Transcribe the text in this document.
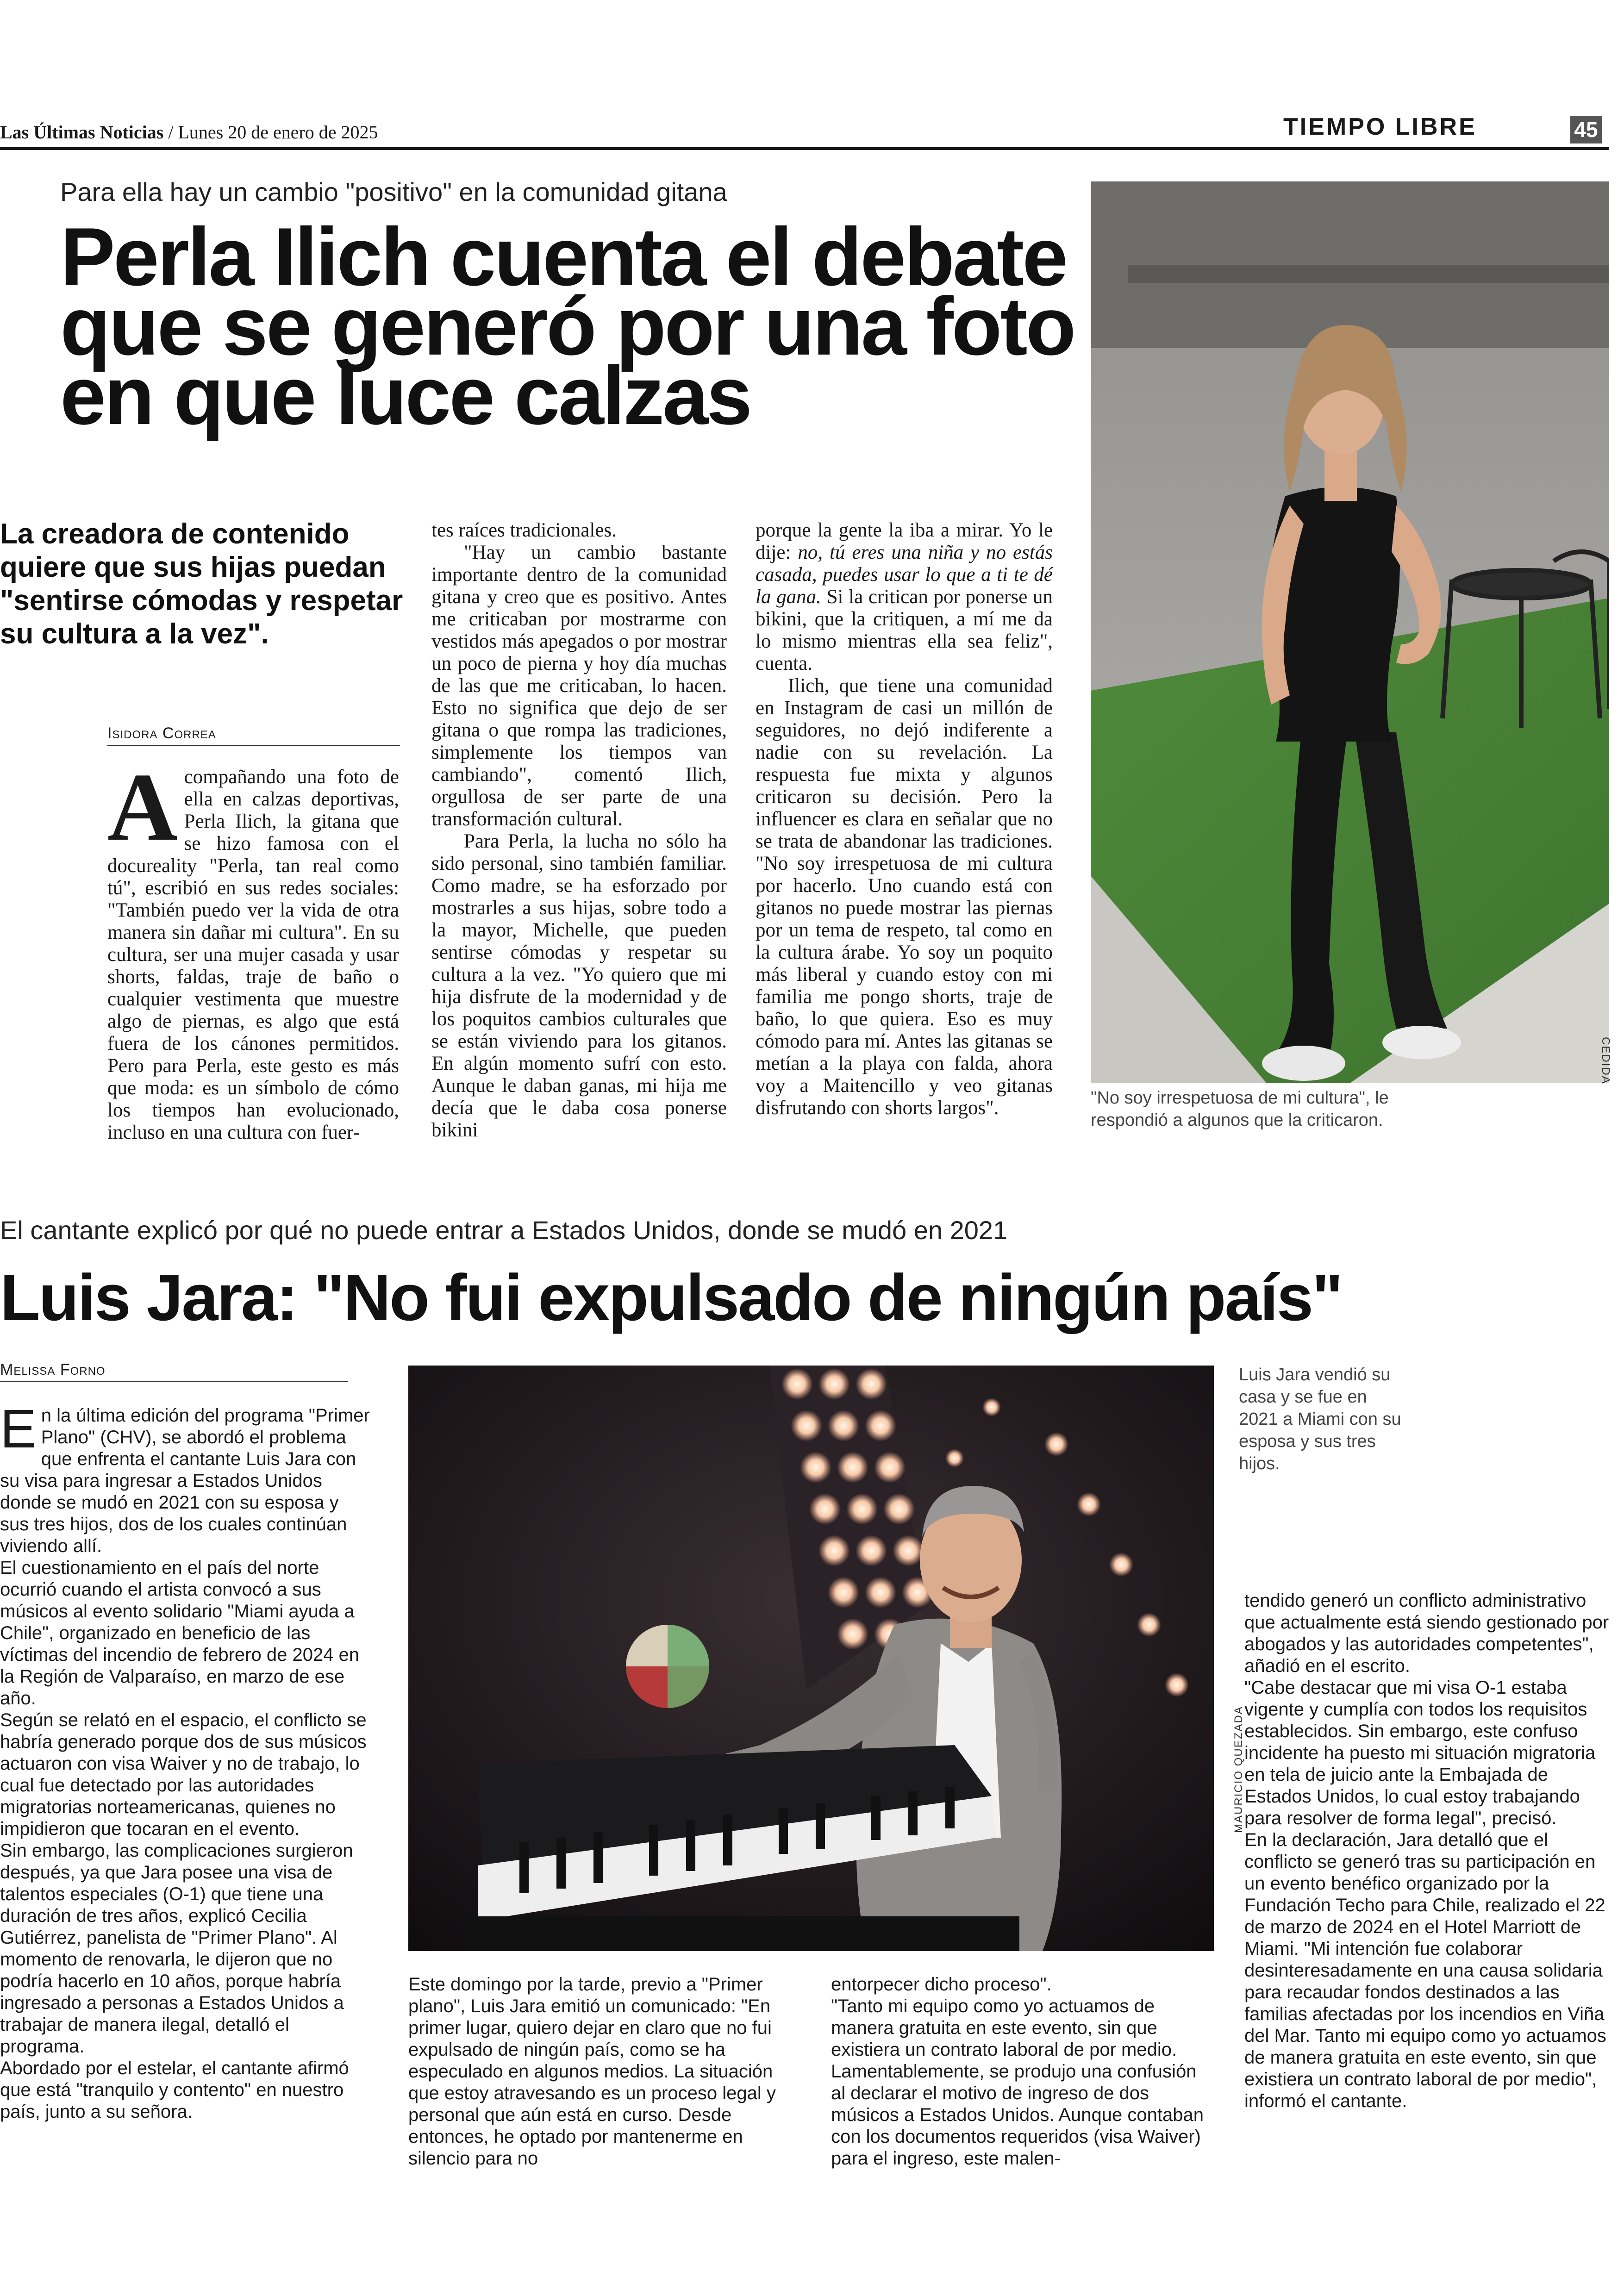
Las Últimas Noticias / Lunes 20 de enero de 2025	TIEMPO LIBRE	45
Para ella hay un cambio "positivo" en la comunidad gitana
Perla Ilich cuenta el debate
que se generó por una foto
en que luce calzas
La creadora de contenido quiere que sus hijas puedan "sentirse cómodas y respetar su cultura a la vez".
Isidora Correa
A compañando una foto de ella en calzas deportivas, Perla Ilich, la gitana que se hizo famosa con el docureality "Perla, tan real como tú", escribió en sus redes sociales: "También puedo ver la vida de otra manera sin dañar mi cultura". En su cultura, ser una mujer casada y usar shorts, faldas, traje de baño o cualquier vestimenta que muestre algo de piernas, es algo que está fuera de los cánones permitidos. Pero para Perla, este gesto es más que moda: es un símbolo de cómo los tiempos han evolucionado, incluso en una cultura con fuer-

tes raíces tradicionales.

"Hay un cambio bastante importante dentro de la comunidad gitana y creo que es positivo. Antes me criticaban por mostrarme con vestidos más apegados o por mostrar un poco de pierna y hoy día muchas de las que me criticaban, lo hacen. Esto no significa que dejo de ser gitana o que rompa las tradiciones, simplemente los tiempos van cambiando", comentó Ilich, orgullosa de ser parte de una transformación cultural.

Para Perla, la lucha no sólo ha sido personal, sino también familiar. Como madre, se ha esforzado por mostrarles a sus hijas, sobre todo a la mayor, Michelle, que pueden sentirse cómodas y respetar su cultura a la vez. "Yo quiero que mi hija disfrute de la modernidad y de los poquitos cambios culturales que se están viviendo para los gitanos. En algún momento sufrí con esto. Aunque le daban ganas, mi hija me decía que le daba cosa ponerse bikini

porque la gente la iba a mirar. Yo le dije: no, tú eres una niña y no estás casada, puedes usar lo que a ti te dé la gana. Si la critican por ponerse un bikini, que la critiquen, a mí me da lo mismo mientras ella sea feliz", cuenta.

Ilich, que tiene una comunidad en Instagram de casi un millón de seguidores, no dejó indiferente a nadie con su revelación. La respuesta fue mixta y algunos criticaron su decisión. Pero la influencer es clara en señalar que no se trata de abandonar las tradiciones. "No soy irrespetuosa de mi cultura por hacerlo. Uno cuando está con gitanos no puede mostrar las piernas por un tema de respeto, tal como en la cultura árabe. Yo soy un poquito más liberal y cuando estoy con mi familia me pongo shorts, traje de baño, lo que quiera. Eso es muy cómodo para mí. Antes las gitanas se metían a la playa con falda, ahora voy a Maitencillo y veo gitanas disfrutando con shorts largos".

CEDIDA
"No soy irrespetuosa de mi cultura", le respondió a algunos que la criticaron.
El cantante explicó por qué no puede entrar a Estados Unidos, donde se mudó en 2021
Luis Jara: "No fui expulsado de ningún país"
Melissa Forno
E n la última edición del programa "Primer Plano" (CHV), se abordó el problema que enfrenta el cantante Luis Jara con su visa para ingresar a Estados Unidos donde se mudó en 2021 con su esposa y sus tres hijos, dos de los cuales continúan viviendo allí.

El cuestionamiento en el país del norte ocurrió cuando el artista convocó a sus músicos al evento solidario "Miami ayuda a Chile", organizado en beneficio de las víctimas del incendio de febrero de 2024 en la Región de Valparaíso, en marzo de ese año.

Según se relató en el espacio, el conflicto se habría generado porque dos de sus músicos actuaron con visa Waiver y no de trabajo, lo cual fue detectado por las autoridades migratorias norteamericanas, quienes no impidieron que tocaran en el evento.

Sin embargo, las complicaciones surgieron después, ya que Jara posee una visa de talentos especiales (O-1) que tiene una duración de tres años, explicó Cecilia Gutiérrez, panelista de "Primer Plano". Al momento de renovarla, le dijeron que no podría hacerlo en 10 años, porque habría ingresado a personas a Estados Unidos a trabajar de manera ilegal, detalló el programa.

Abordado por el estelar, el cantante afirmó que está "tranquilo y contento" en nuestro país, junto a su señora.

MAURICIO QUEZADA
Luis Jara vendió su casa y se fue en 2021 a Miami con su esposa y sus tres hijos.

Este domingo por la tarde, previo a "Primer plano", Luis Jara emitió un comunicado: "En primer lugar, quiero dejar en claro que no fui expulsado de ningún país, como se ha especulado en algunos medios. La situación que estoy atravesando es un proceso legal y personal que aún está en curso. Desde entonces, he optado por mantenerme en silencio para no

entorpecer dicho proceso".

"Tanto mi equipo como yo actuamos de manera gratuita en este evento, sin que existiera un contrato laboral de por medio. Lamentablemente, se produjo una confusión al declarar el motivo de ingreso de dos músicos a Estados Unidos. Aunque contaban con los documentos requeridos (visa Waiver) para el ingreso, este malen-

tendido generó un conflicto administrativo que actualmente está siendo gestionado por abogados y las autoridades competentes", añadió en el escrito.

"Cabe destacar que mi visa O-1 estaba vigente y cumplía con todos los requisitos establecidos. Sin embargo, este confuso incidente ha puesto mi situación migratoria en tela de juicio ante la Embajada de Estados Unidos, lo cual estoy trabajando para resolver de forma legal", precisó.

En la declaración, Jara detalló que el conflicto se generó tras su participación en un evento benéfico organizado por la Fundación Techo para Chile, realizado el 22 de marzo de 2024 en el Hotel Marriott de Miami. "Mi intención fue colaborar desinteresadamente en una causa solidaria para recaudar fondos destinados a las familias afectadas por los incendios en Viña del Mar. Tanto mi equipo como yo actuamos de manera gratuita en este evento, sin que existiera un contrato laboral de por medio", informó el cantante.
